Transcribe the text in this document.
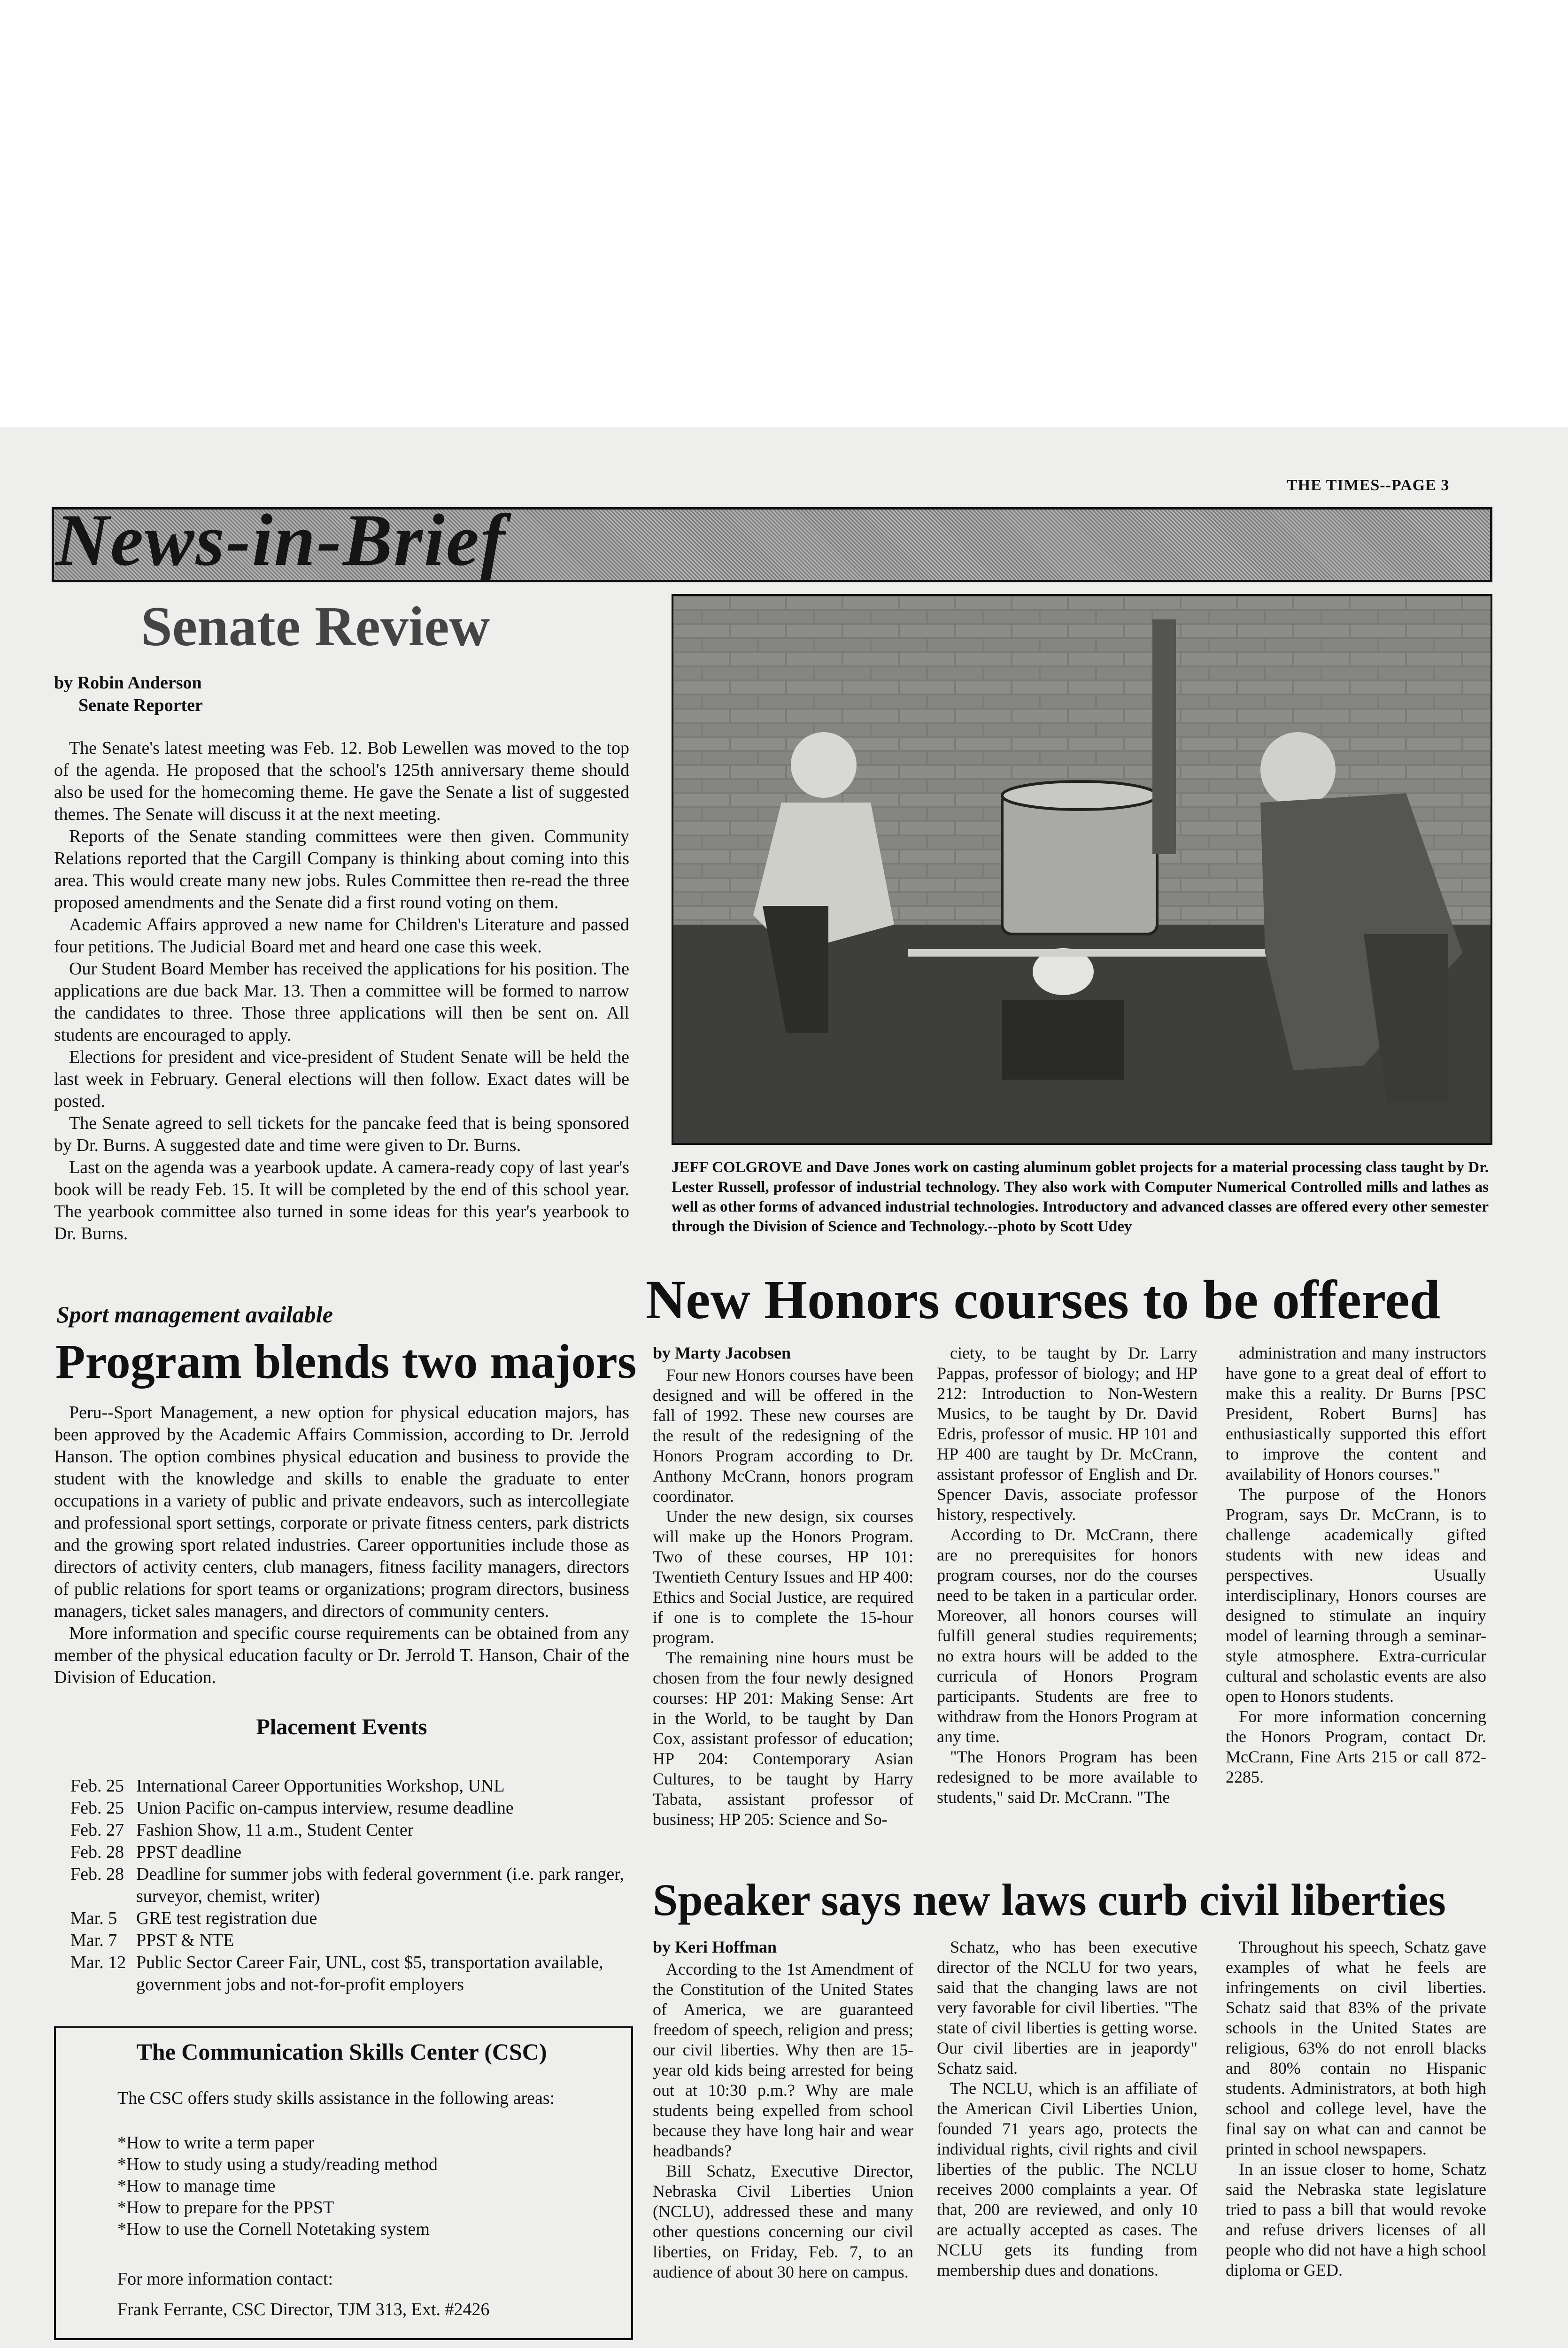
THE TIMES--PAGE 3
News-in-Brief
Senate Review
by Robin Anderson
Senate Reporter

The Senate's latest meeting was Feb. 12. Bob Lewellen was moved to the top of the agenda. He proposed that the school's 125th anniversary theme should also be used for the homecoming theme. He gave the Senate a list of suggested themes. The Senate will discuss it at the next meeting.

Reports of the Senate standing committees were then given. Community Relations reported that the Cargill Company is thinking about coming into this area. This would create many new jobs. Rules Committee then re-read the three proposed amendments and the Senate did a first round voting on them.

Academic Affairs approved a new name for Children's Literature and passed four petitions. The Judicial Board met and heard one case this week.

Our Student Board Member has received the applications for his position. The applications are due back Mar. 13. Then a committee will be formed to narrow the candidates to three. Those three applications will then be sent on. All students are encouraged to apply.

Elections for president and vice-president of Student Senate will be held the last week in February. General elections will then follow. Exact dates will be posted.

The Senate agreed to sell tickets for the pancake feed that is being sponsored by Dr. Burns. A suggested date and time were given to Dr. Burns.

Last on the agenda was a yearbook update. A camera-ready copy of last year's book will be ready Feb. 15. It will be completed by the end of this school year. The yearbook committee also turned in some ideas for this year's yearbook to Dr. Burns.

Sport management available
Program blends two majors

Peru--Sport Management, a new option for physical education majors, has been approved by the Academic Affairs Commission, according to Dr. Jerrold Hanson. The option combines physical education and business to provide the student with the knowledge and skills to enable the graduate to enter occupations in a variety of public and private endeavors, such as intercollegiate and professional sport settings, corporate or private fitness centers, park districts and the growing sport related industries. Career opportunities include those as directors of activity centers, club managers, fitness facility managers, directors of public relations for sport teams or organizations; program directors, business managers, ticket sales managers, and directors of community centers.

More information and specific course requirements can be obtained from any member of the physical education faculty or Dr. Jerrold T. Hanson, Chair of the Division of Education.

Placement Events
Feb. 25 International Career Opportunities Workshop, UNL
Feb. 25 Union Pacific on-campus interview, resume deadline
Feb. 27 Fashion Show, 11 a.m., Student Center
Feb. 28 PPST deadline
Feb. 28 Deadline for summer jobs with federal government (i.e. park ranger, surveyor, chemist, writer)
Mar. 5	GRE test registration due
Mar. 7	PPST & NTE
Mar. 12 Public Sector Career Fair, UNL, cost $5, transportation available, government jobs and not-for-profit employers
The Communication Skills Center (CSC)
The CSC offers study skills assistance in the following areas:
*How to write a term paper
*How to study using a study/reading method
*How to manage time
*How to prepare for the PPST
*How to use the Cornell Notetaking system
For more information contact:
Frank Ferrante, CSC Director, TJM 313, Ext. #2426
JEFF COLGROVE and Dave Jones work on casting aluminum goblet projects for a material processing class taught by Dr. Lester Russell, professor of industrial technology. They also work with Computer Numerical Controlled mills and lathes as well as other forms of advanced industrial technologies. Introductory and advanced classes are offered every other semester through the Division of Science and Technology.--photo by Scott Udey
New Honors courses to be offered

by Marty Jacobsen

Four new Honors courses have been designed and will be offered in the fall of 1992. These new courses are the result of the redesigning of the Honors Program according to Dr. Anthony McCrann, honors program coordinator.

Under the new design, six courses will make up the Honors Program. Two of these courses, HP 101: Twentieth Century Issues and HP 400: Ethics and Social Justice, are required if one is to complete the 15-hour program.

The remaining nine hours must be chosen from the four newly designed courses: HP 201: Making Sense: Art in the World, to be taught by Dan Cox, assistant professor of education; HP 204: Contemporary Asian Cultures, to be taught by Harry Tabata, assistant professor of business; HP 205: Science and So-

ciety, to be taught by Dr. Larry Pappas, professor of biology; and HP 212: Introduction to Non-Western Musics, to be taught by Dr. David Edris, professor of music. HP 101 and HP 400 are taught by Dr. McCrann, assistant professor of English and Dr. Spencer Davis, associate professor history, respectively.

According to Dr. McCrann, there are no prerequisites for honors program courses, nor do the courses need to be taken in a particular order. Moreover, all honors courses will fulfill general studies requirements; no extra hours will be added to the curricula of Honors Program participants. Students are free to withdraw from the Honors Program at any time.

"The Honors Program has been redesigned to be more available to students," said Dr. McCrann. "The

administration and many instructors have gone to a great deal of effort to make this a reality. Dr Burns [PSC President, Robert Burns] has enthusiastically supported this effort to improve the content and availability of Honors courses."

The purpose of the Honors Program, says Dr. McCrann, is to challenge academically gifted students with new ideas and perspectives. Usually interdisciplinary, Honors courses are designed to stimulate an inquiry model of learning through a seminar-style atmosphere. Extra-curricular cultural and scholastic events are also open to Honors students.

For more information concerning the Honors Program, contact Dr. McCrann, Fine Arts 215 or call 872-2285.

Speaker says new laws curb civil liberties

by Keri Hoffman

According to the 1st Amendment of the Constitution of the United States of America, we are guaranteed freedom of speech, religion and press; our civil liberties. Why then are 15-year old kids being arrested for being out at 10:30 p.m.? Why are male students being expelled from school because they have long hair and wear headbands?

Bill Schatz, Executive Director, Nebraska Civil Liberties Union (NCLU), addressed these and many other questions concerning our civil liberties, on Friday, Feb. 7, to an audience of about 30 here on campus.

Schatz, who has been executive director of the NCLU for two years, said that the changing laws are not very favorable for civil liberties. "The state of civil liberties is getting worse. Our civil liberties are in jeapordy" Schatz said.

The NCLU, which is an affiliate of the American Civil Liberties Union, founded 71 years ago, protects the individual rights, civil rights and civil liberties of the public. The NCLU receives 2000 complaints a year. Of that, 200 are reviewed, and only 10 are actually accepted as cases. The NCLU gets its funding from membership dues and donations.

Throughout his speech, Schatz gave examples of what he feels are infringements on civil liberties. Schatz said that 83% of the private schools in the United States are religious, 63% do not enroll blacks and 80% contain no Hispanic students. Administrators, at both high school and college level, have the final say on what can and cannot be printed in school newspapers.

In an issue closer to home, Schatz said the Nebraska state legislature tried to pass a bill that would revoke and refuse drivers licenses of all people who did not have a high school diploma or GED.
